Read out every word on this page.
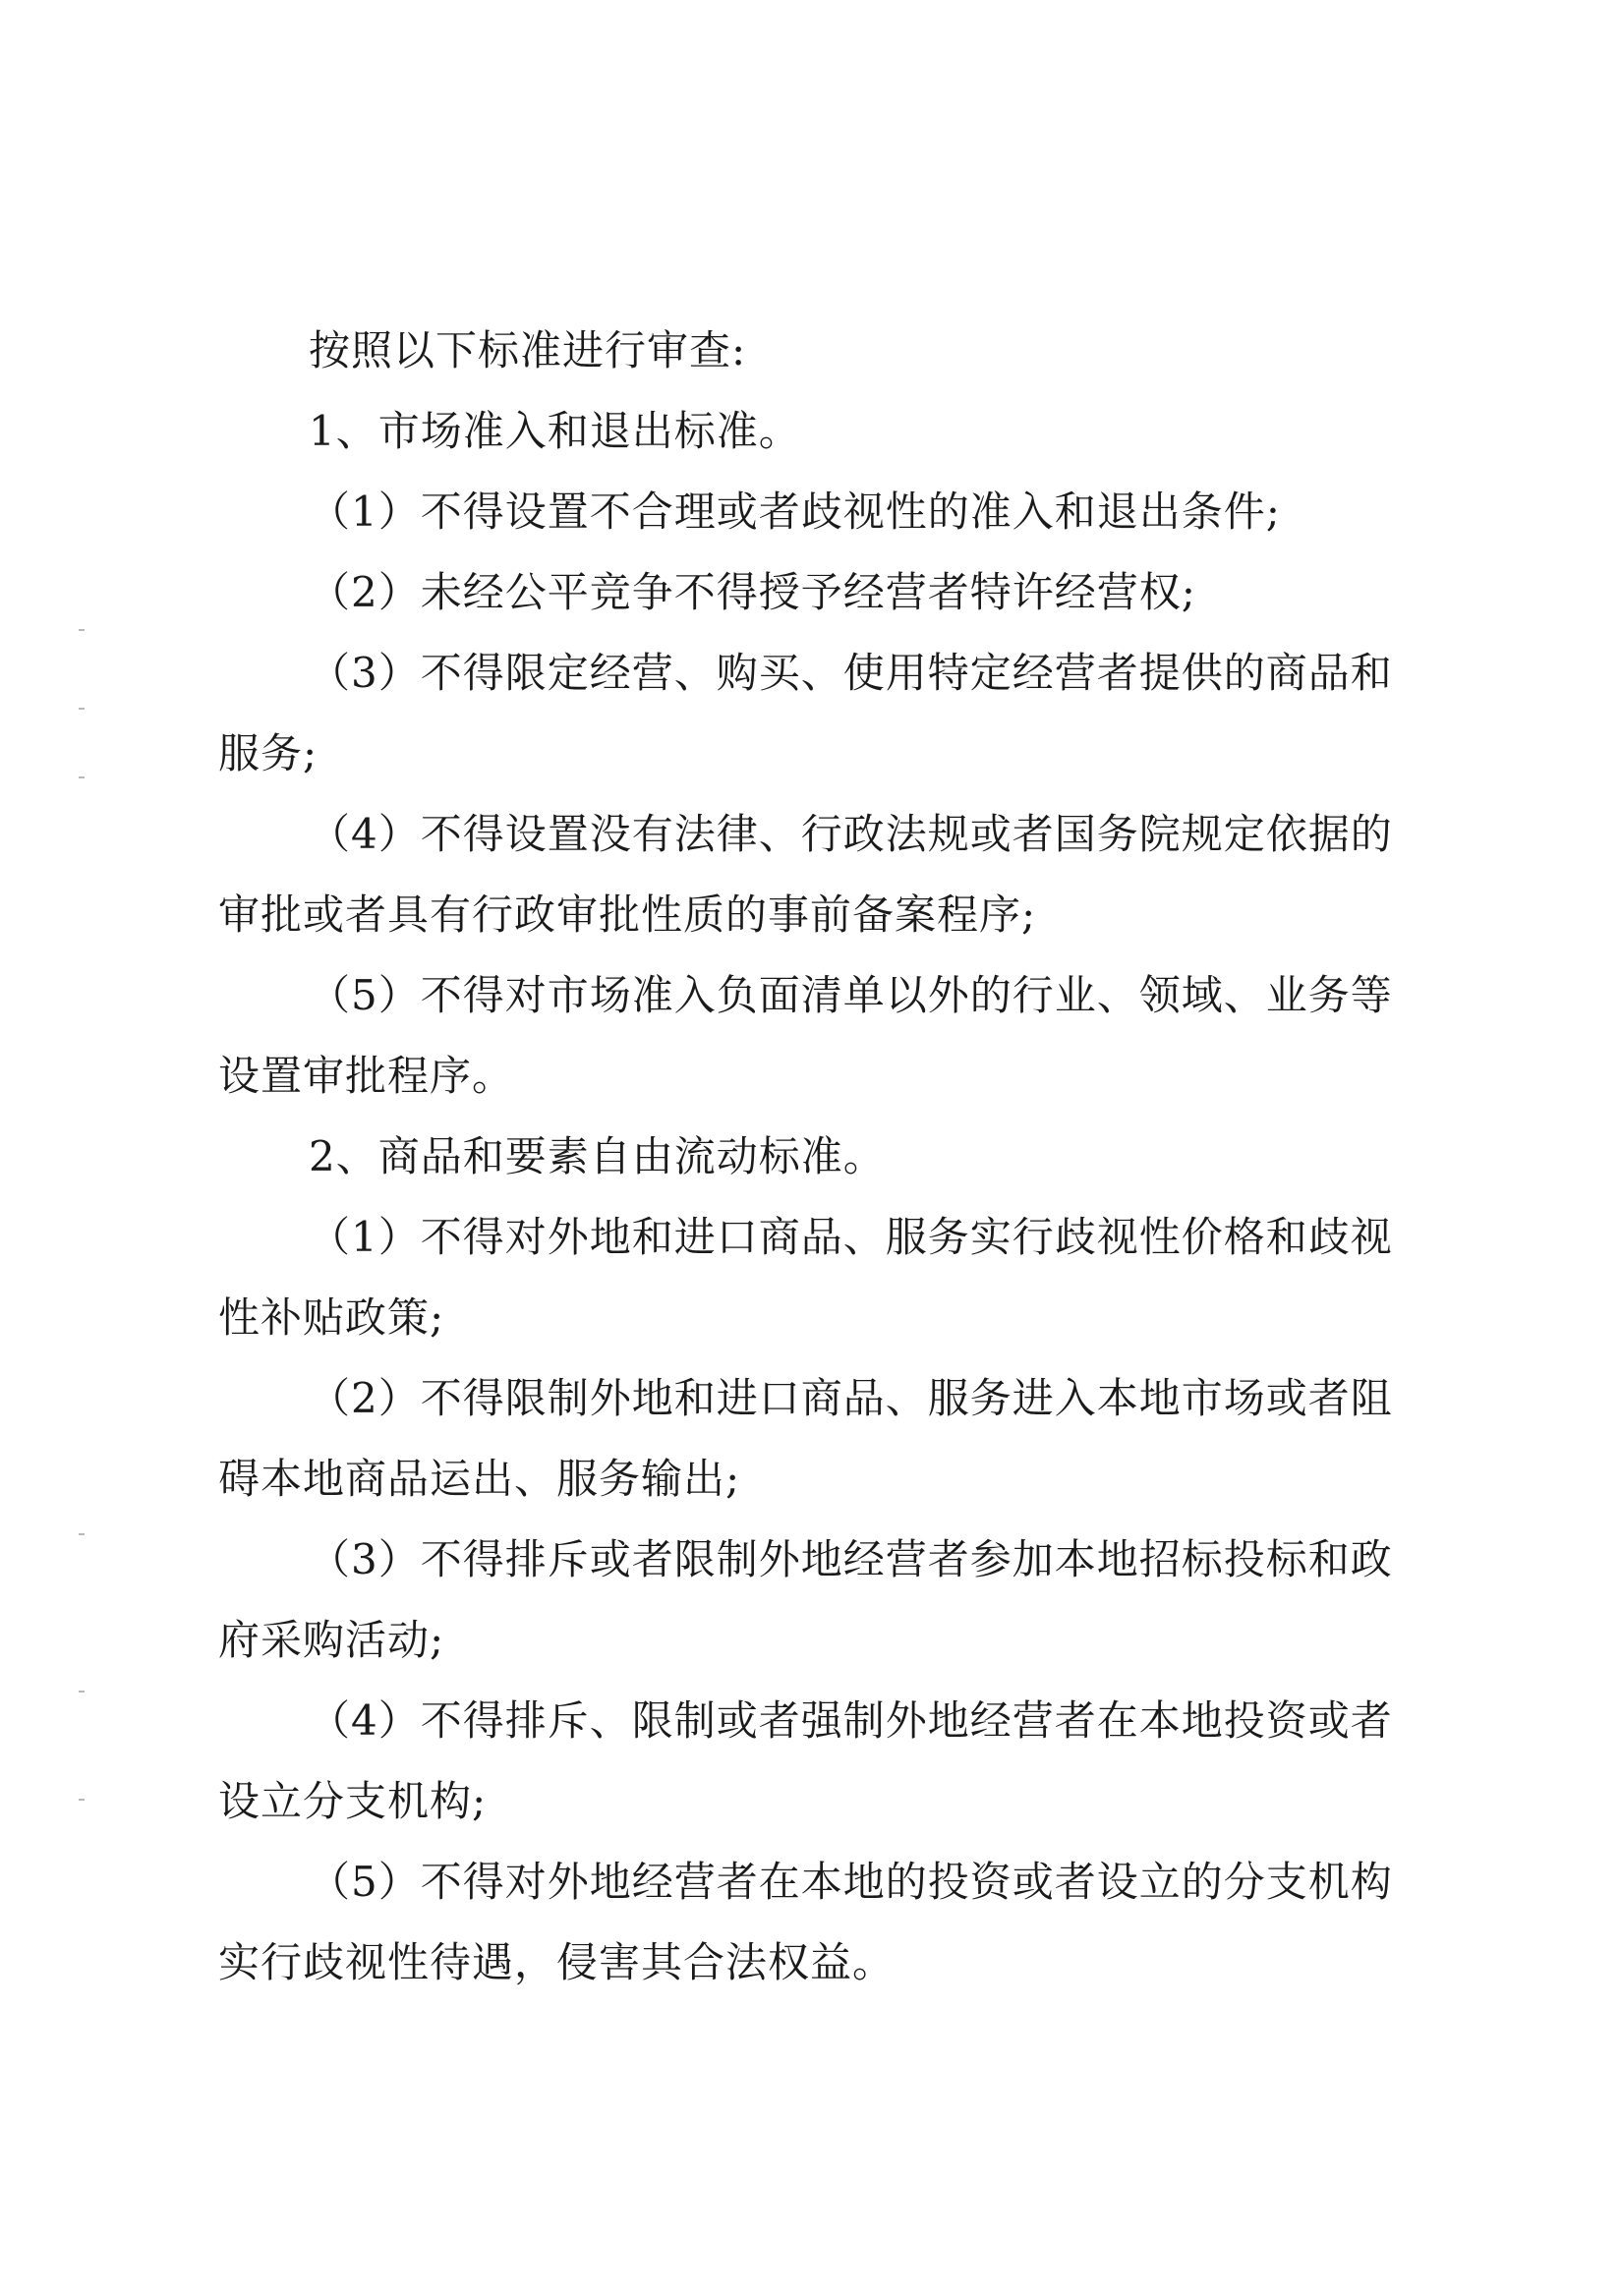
按照以下标准进行审查:
1、市场准入和退出标准。
（1）不得设置不合理或者歧视性的准入和退出条件;
（2）未经公平竞争不得授予经营者特许经营权;
（3）不得限定经营、购买、使用特定经营者提供的商品和
服务;
（4）不得设置没有法律、行政法规或者国务院规定依据的
审批或者具有行政审批性质的事前备案程序;
（5）不得对市场准入负面清单以外的行业、领域、业务等
设置审批程序。
2、商品和要素自由流动标准。
（1）不得对外地和进口商品、服务实行歧视性价格和歧视
性补贴政策;
（2）不得限制外地和进口商品、服务进入本地市场或者阻
碍本地商品运出、服务输出;
（3）不得排斥或者限制外地经营者参加本地招标投标和政
府采购活动;
（4）不得排斥、限制或者强制外地经营者在本地投资或者
设立分支机构;
（5）不得对外地经营者在本地的投资或者设立的分支机构
实行歧视性待遇，侵害其合法权益。
